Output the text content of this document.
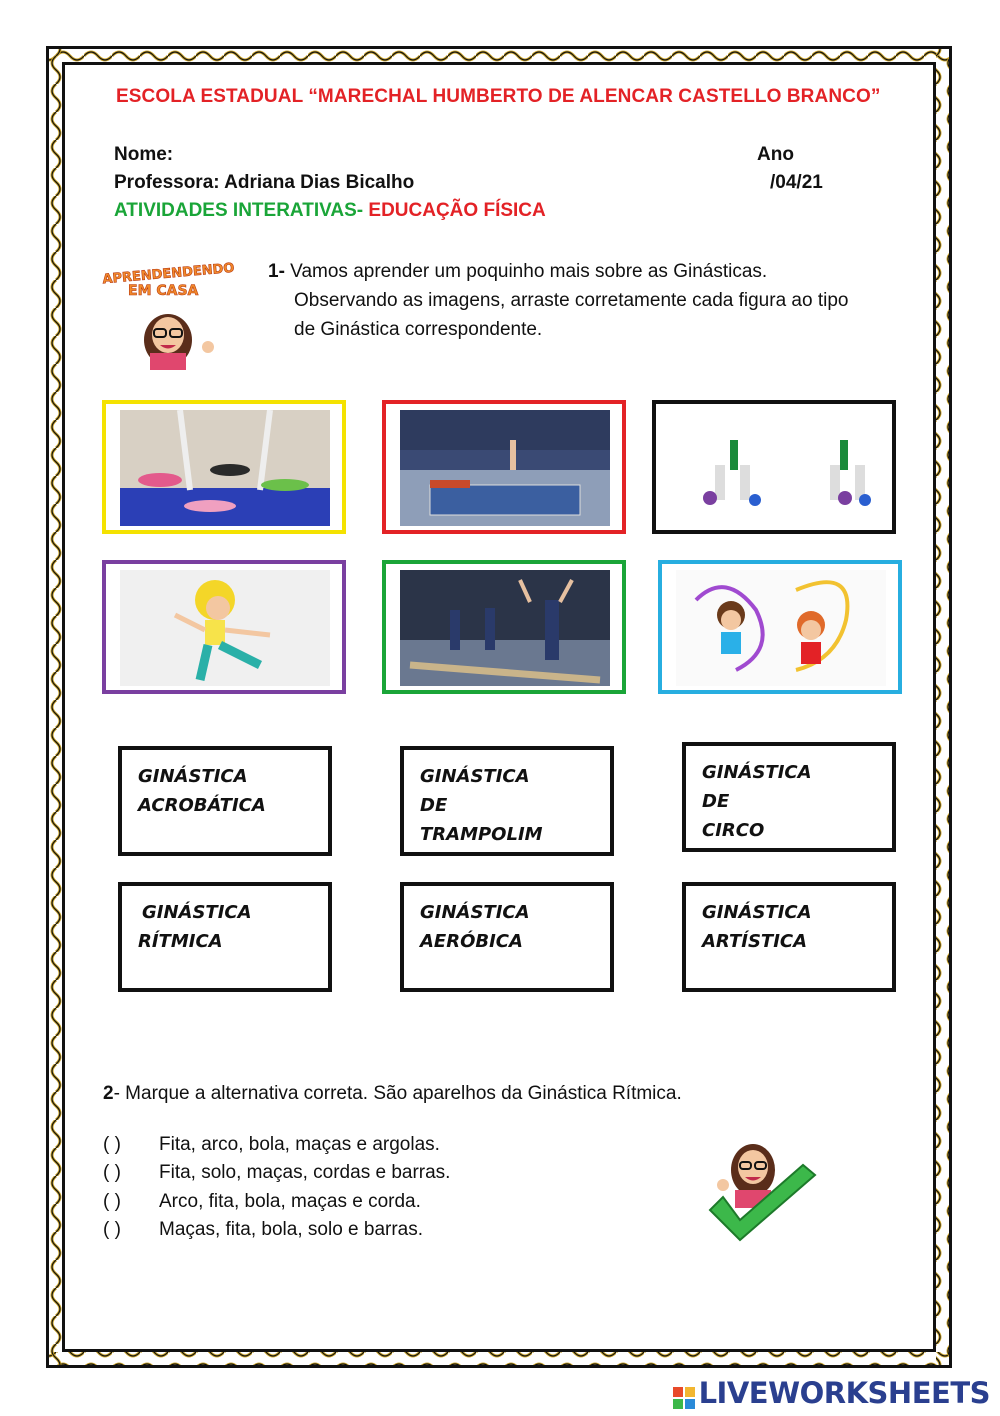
ESCOLA ESTADUAL “MARECHAL HUMBERTO DE ALENCAR CASTELLO BRANCO”
Nome:	Ano
Professora: Adriana Dias Bicalho	/04/21
ATIVIDADES INTERATIVAS- EDUCAÇÃO FÍSICA
APRENDENDENDO
EM CASA
1- Vamos aprender um poquinho mais sobre as Ginásticas.
Observando as imagens, arraste corretamente cada figura ao tipo
de Ginástica correspondente.
GINÁSTICA
ACROBÁTICA
GINÁSTICA
DE
TRAMPOLIM
GINÁSTICA
DE
CIRCO
GINÁSTICA
RÍTMICA
GINÁSTICA
AERÓBICA
GINÁSTICA
ARTÍSTICA
2- Marque a alternativa correta. São aparelhos da Ginástica Rítmica.
( ) Fita, arco, bola, maças e argolas.
( ) Fita, solo, maças, cordas e barras.
( ) Arco, fita, bola, maças e corda.
( ) Maças, fita, bola, solo e barras.
LIVEWORKSHEETS
